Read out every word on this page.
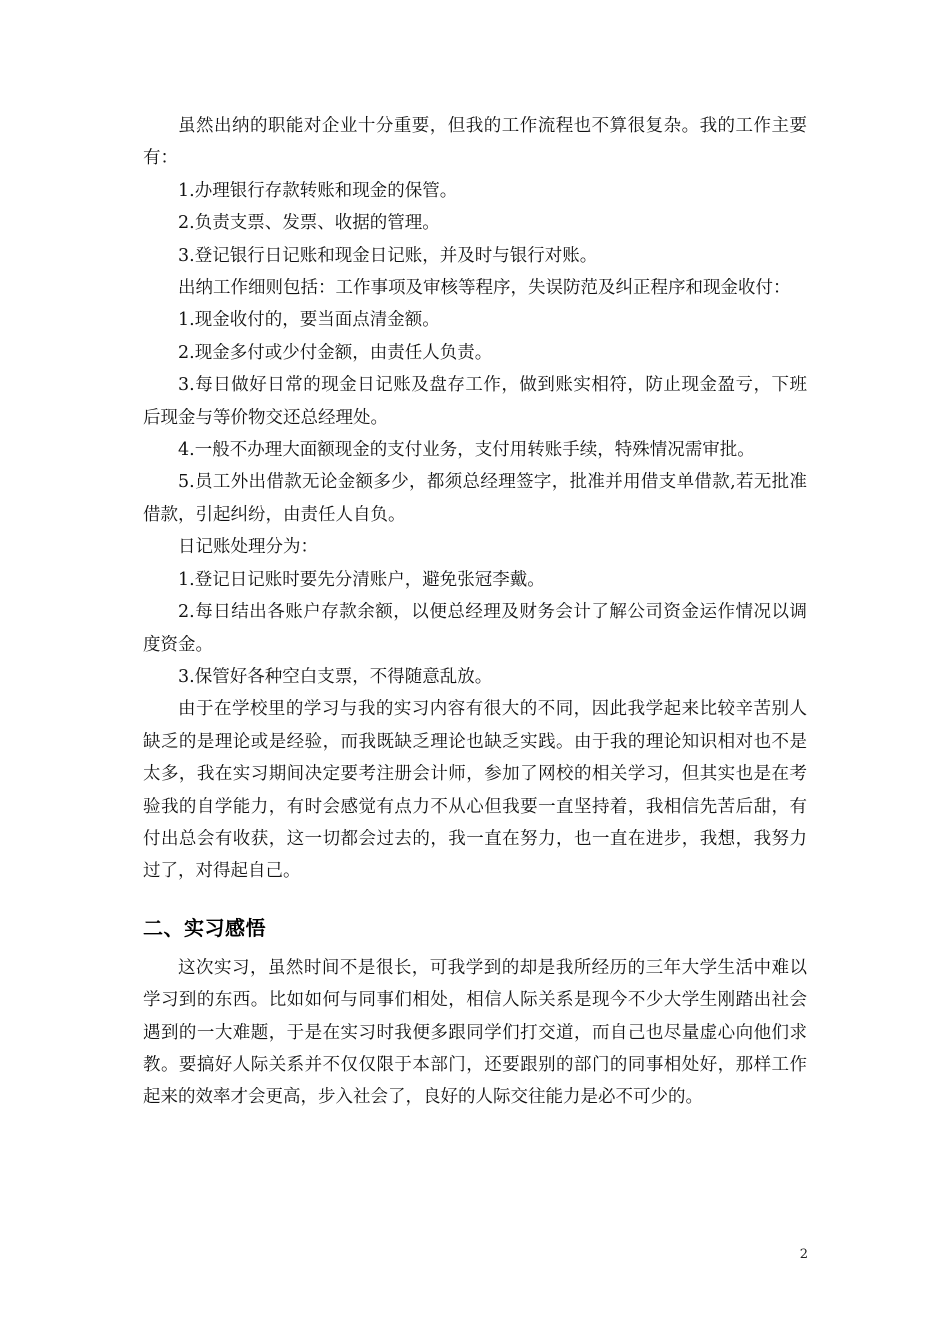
虽然出纳的职能对企业十分重要，但我的工作流程也不算很复杂。我的工作主要有：

1.办理银行存款转账和现金的保管。

2.负责支票、发票、收据的管理。

3.登记银行日记账和现金日记账，并及时与银行对账。

出纳工作细则包括：工作事项及审核等程序，失误防范及纠正程序和现金收付：

1.现金收付的，要当面点清金额。

2.现金多付或少付金额，由责任人负责。

3.每日做好日常的现金日记账及盘存工作，做到账实相符，防止现金盈亏，下班后现金与等价物交还总经理处。

4.一般不办理大面额现金的支付业务，支付用转账手续，特殊情况需审批。

5.员工外出借款无论金额多少，都须总经理签字，批准并用借支单借款,若无批准借款，引起纠纷，由责任人自负。

日记账处理分为：

1.登记日记账时要先分清账户，避免张冠李戴。

2.每日结出各账户存款余额，以便总经理及财务会计了解公司资金运作情况以调度资金。

3.保管好各种空白支票，不得随意乱放。

由于在学校里的学习与我的实习内容有很大的不同，因此我学起来比较辛苦别人缺乏的是理论或是经验，而我既缺乏理论也缺乏实践。由于我的理论知识相对也不是太多，我在实习期间决定要考注册会计师，参加了网校的相关学习，但其实也是在考验我的自学能力，有时会感觉有点力不从心但我要一直坚持着，我相信先苦后甜，有付出总会有收获，这一切都会过去的，我一直在努力，也一直在进步，我想，我努力过了，对得起自己。

二、实习感悟

这次实习，虽然时间不是很长，可我学到的却是我所经历的三年大学生活中难以学习到的东西。比如如何与同事们相处，相信人际关系是现今不少大学生刚踏出社会遇到的一大难题，于是在实习时我便多跟同学们打交道，而自己也尽量虚心向他们求教。要搞好人际关系并不仅仅限于本部门，还要跟别的部门的同事相处好，那样工作起来的效率才会更高，步入社会了，良好的人际交往能力是必不可少的。

2
